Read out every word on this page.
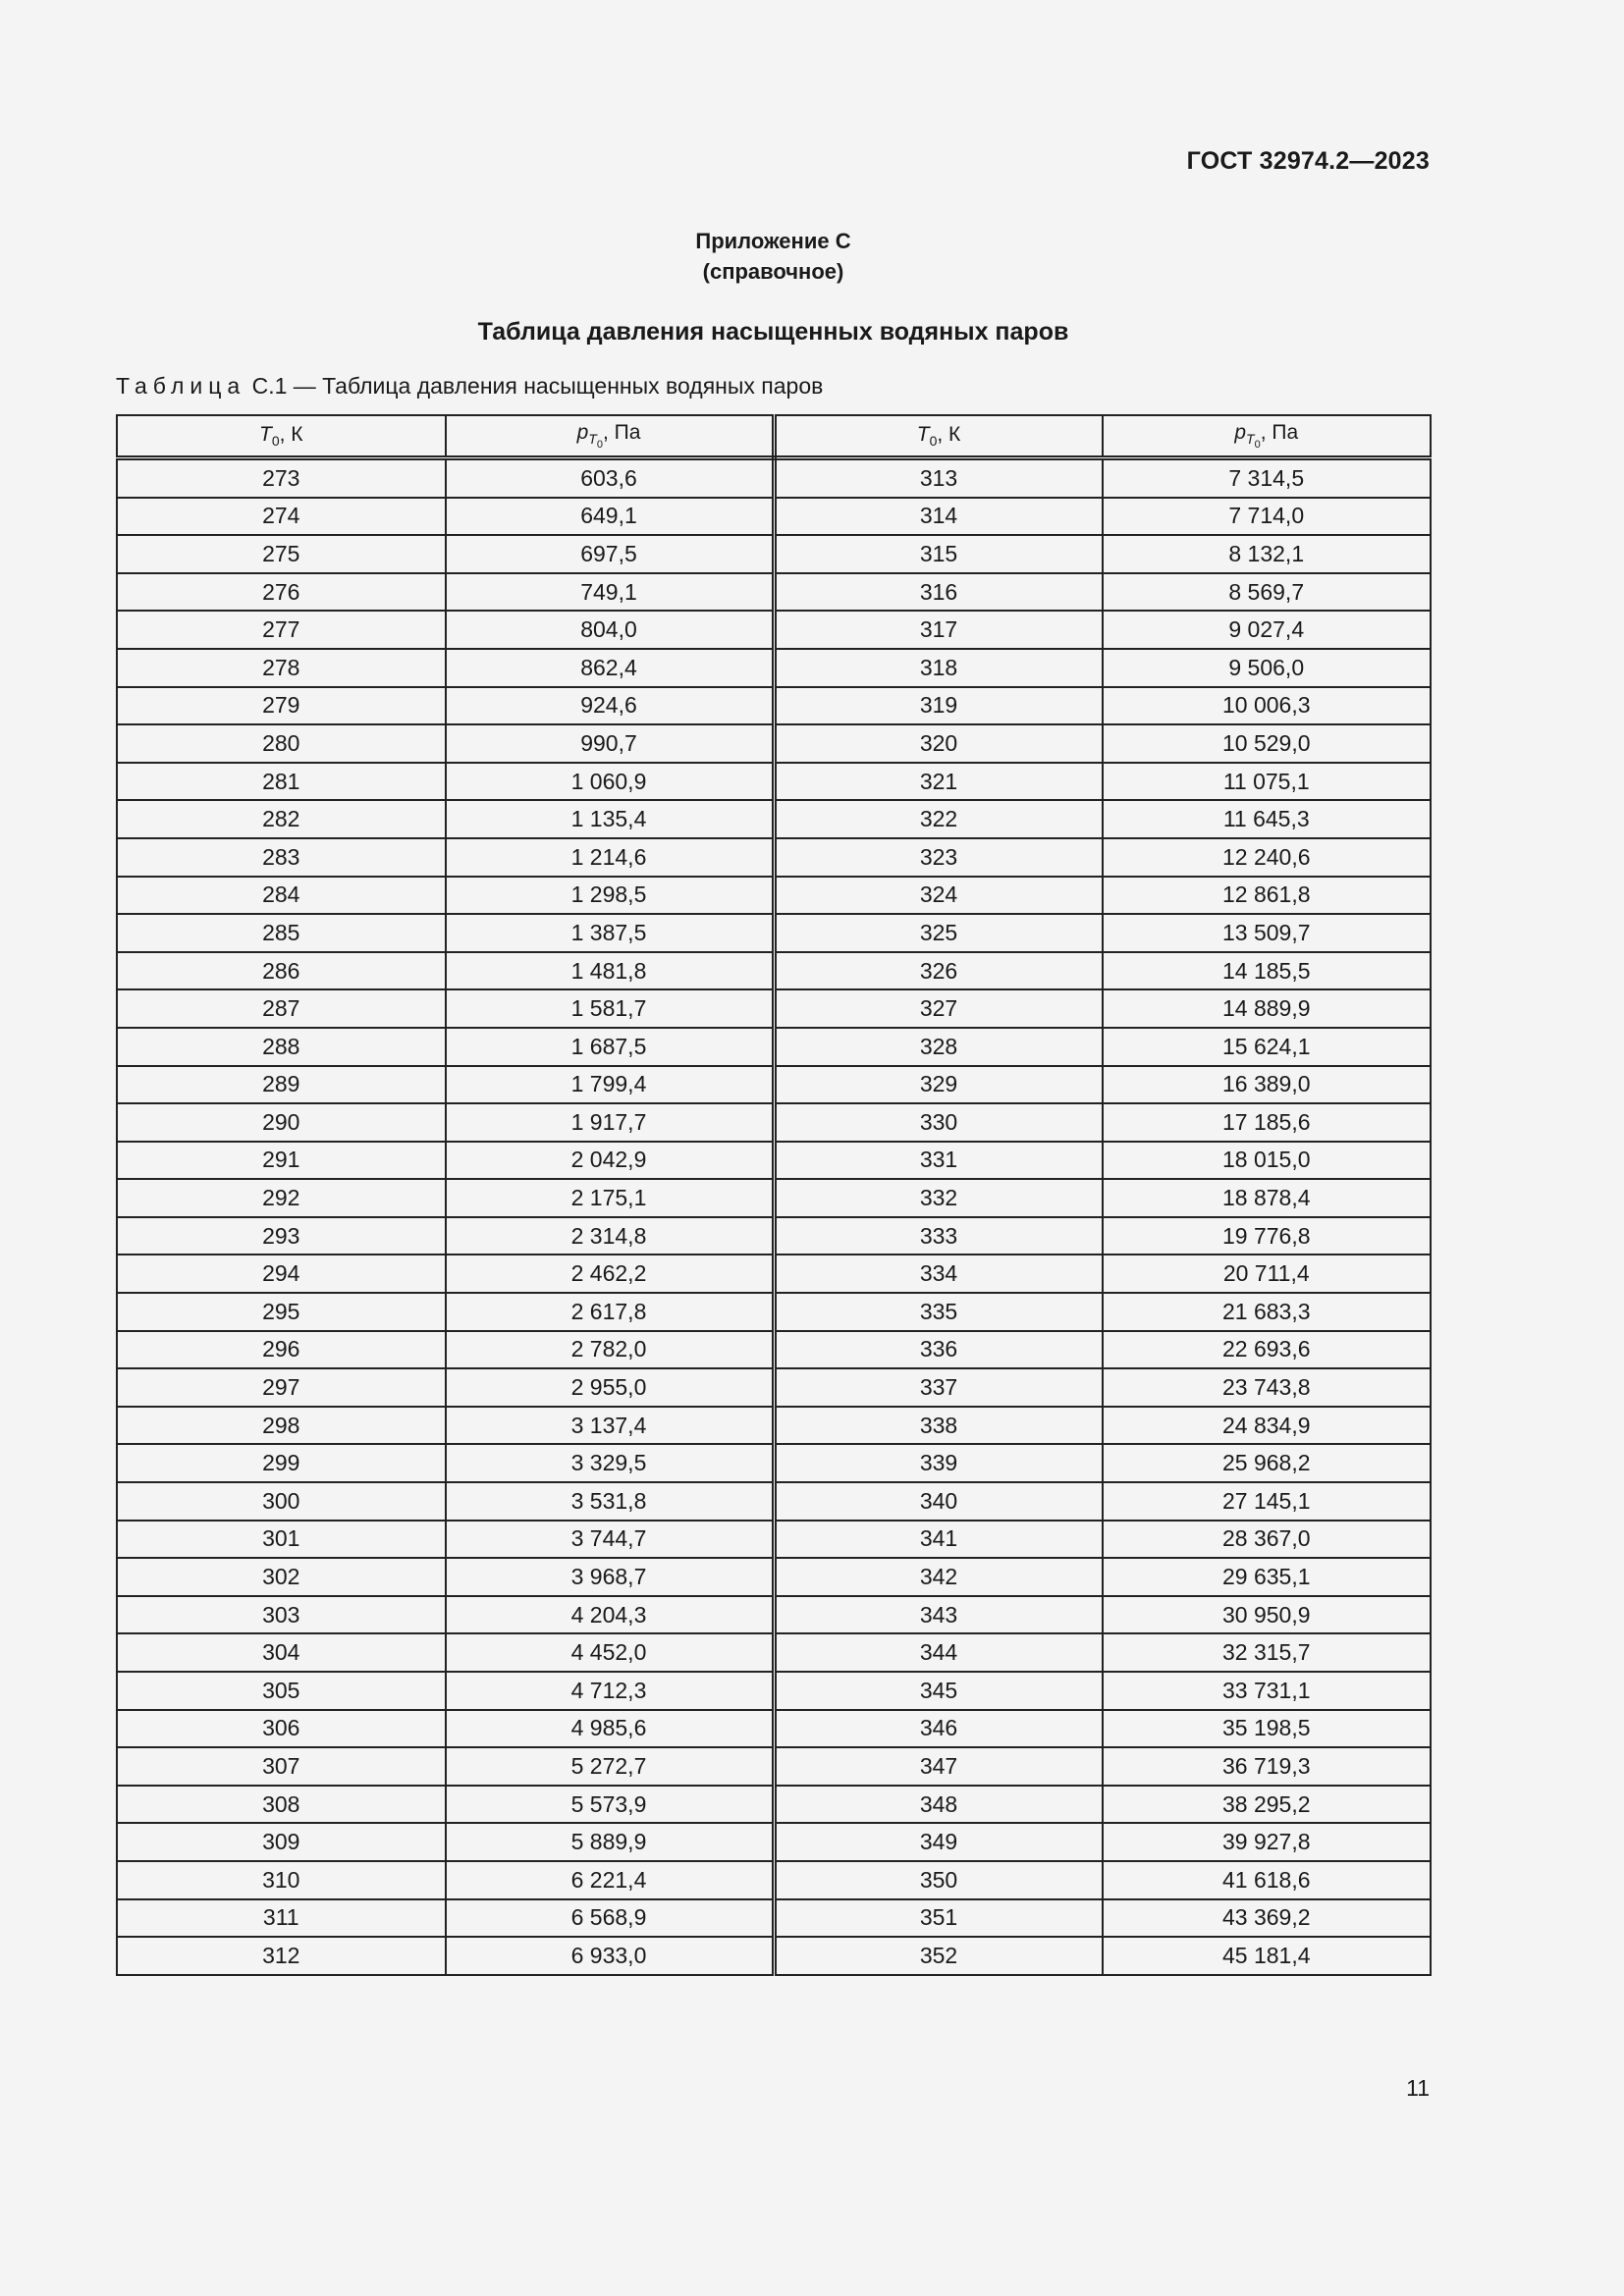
ГОСТ 32974.2—2023
Приложение С
(справочное)
Таблица давления насыщенных водяных паров
Таблица С.1 — Таблица давления насыщенных водяных паров
$T_0$, К	$p_{T_0}$, Па	$T_0$, К	$p_{T_0}$, Па
273	603,6	313	7 314,5
274	649,1	314	7 714,0
275	697,5	315	8 132,1
276	749,1	316	8 569,7
277	804,0	317	9 027,4
278	862,4	318	9 506,0
279	924,6	319	10 006,3
280	990,7	320	10 529,0
281	1 060,9	321	11 075,1
282	1 135,4	322	11 645,3
283	1 214,6	323	12 240,6
284	1 298,5	324	12 861,8
285	1 387,5	325	13 509,7
286	1 481,8	326	14 185,5
287	1 581,7	327	14 889,9
288	1 687,5	328	15 624,1
289	1 799,4	329	16 389,0
290	1 917,7	330	17 185,6
291	2 042,9	331	18 015,0
292	2 175,1	332	18 878,4
293	2 314,8	333	19 776,8
294	2 462,2	334	20 711,4
295	2 617,8	335	21 683,3
296	2 782,0	336	22 693,6
297	2 955,0	337	23 743,8
298	3 137,4	338	24 834,9
299	3 329,5	339	25 968,2
300	3 531,8	340	27 145,1
301	3 744,7	341	28 367,0
302	3 968,7	342	29 635,1
303	4 204,3	343	30 950,9
304	4 452,0	344	32 315,7
305	4 712,3	345	33 731,1
306	4 985,6	346	35 198,5
307	5 272,7	347	36 719,3
308	5 573,9	348	38 295,2
309	5 889,9	349	39 927,8
310	6 221,4	350	41 618,6
311	6 568,9	351	43 369,2
312	6 933,0	352	45 181,4
11
